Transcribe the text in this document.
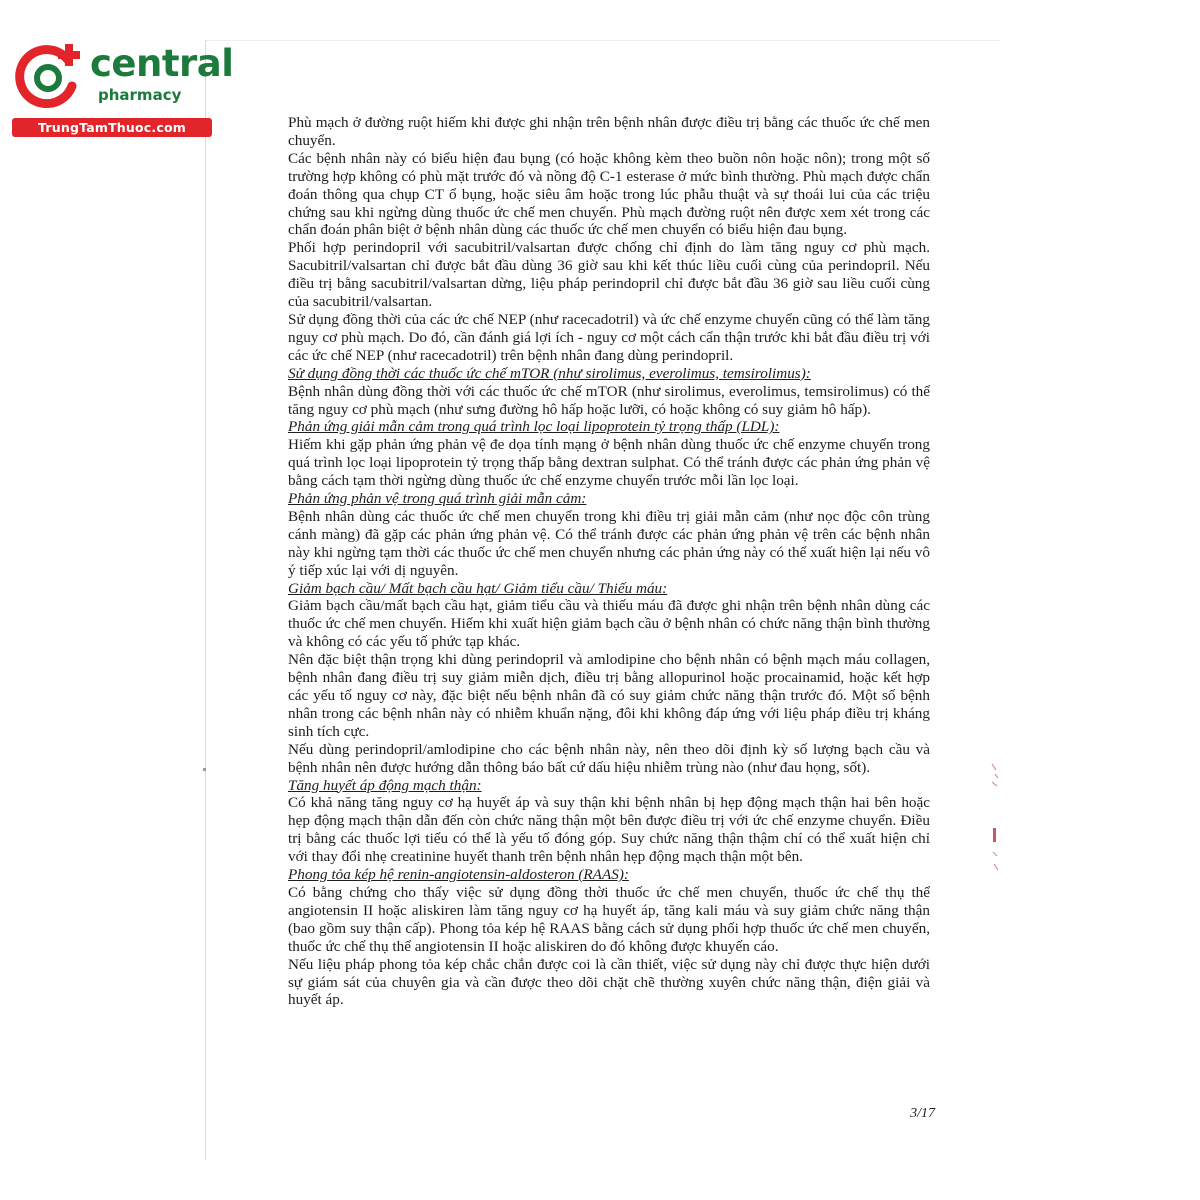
central
pharmacy
TrungTamThuoc.com	Phù mạch ở đường ruột hiếm khi được ghi nhận trên bệnh nhân được điều trị bằng các thuốc ức chế men chuyển.

Các bệnh nhân này có biểu hiện đau bụng (có hoặc không kèm theo buồn nôn hoặc nôn); trong một số trường hợp không có phù mặt trước đó và nồng độ C-1 esterase ở mức bình thường. Phù mạch được chẩn đoán thông qua chụp CT ổ bụng, hoặc siêu âm hoặc trong lúc phẫu thuật và sự thoái lui của các triệu chứng sau khi ngừng dùng thuốc ức chế men chuyển. Phù mạch đường ruột nên được xem xét trong các chẩn đoán phân biệt ở bệnh nhân dùng các thuốc ức chế men chuyển có biểu hiện đau bụng.

Phối hợp perindopril với sacubitril/valsartan được chống chỉ định do làm tăng nguy cơ phù mạch. Sacubitril/valsartan chỉ được bắt đầu dùng 36 giờ sau khi kết thúc liều cuối cùng của perindopril. Nếu điều trị bằng sacubitril/valsartan dừng, liệu pháp perindopril chỉ được bắt đầu 36 giờ sau liều cuối cùng của sacubitril/valsartan.

Sử dụng đồng thời của các ức chế NEP (như racecadotril) và ức chế enzyme chuyển cũng có thể làm tăng nguy cơ phù mạch. Do đó, cần đánh giá lợi ích - nguy cơ một cách cẩn thận trước khi bắt đầu điều trị với các ức chế NEP (như racecadotril) trên bệnh nhân đang dùng perindopril.

Sử dụng đồng thời các thuốc ức chế mTOR (như sirolimus, everolimus, temsirolimus):

Bệnh nhân dùng đồng thời với các thuốc ức chế mTOR (như sirolimus, everolimus, temsirolimus) có thể tăng nguy cơ phù mạch (như sưng đường hô hấp hoặc lưỡi, có hoặc không có suy giảm hô hấp).

Phản ứng giải mẫn cảm trong quá trình lọc loại lipoprotein tỷ trọng thấp (LDL):

Hiếm khi gặp phản ứng phản vệ đe dọa tính mạng ở bệnh nhân dùng thuốc ức chế enzyme chuyển trong quá trình lọc loại lipoprotein tỷ trọng thấp bằng dextran sulphat. Có thể tránh được các phản ứng phản vệ bằng cách tạm thời ngừng dùng thuốc ức chế enzyme chuyển trước mỗi lần lọc loại.

Phản ứng phản vệ trong quá trình giải mẫn cảm:

Bệnh nhân dùng các thuốc ức chế men chuyển trong khi điều trị giải mẫn cảm (như nọc độc côn trùng cánh màng) đã gặp các phản ứng phản vệ. Có thể tránh được các phản ứng phản vệ trên các bệnh nhân này khi ngừng tạm thời các thuốc ức chế men chuyển nhưng các phản ứng này có thể xuất hiện lại nếu vô ý tiếp xúc lại với dị nguyên.

Giảm bạch cầu/ Mất bạch cầu hạt/ Giảm tiểu cầu/ Thiếu máu:

Giảm bạch cầu/mất bạch cầu hạt, giảm tiểu cầu và thiếu máu đã được ghi nhận trên bệnh nhân dùng các thuốc ức chế men chuyển. Hiếm khi xuất hiện giảm bạch cầu ở bệnh nhân có chức năng thận bình thường và không có các yếu tố phức tạp khác.

Nên đặc biệt thận trọng khi dùng perindopril và amlodipine cho bệnh nhân có bệnh mạch máu collagen, bệnh nhân đang điều trị suy giảm miễn dịch, điều trị bằng allopurinol hoặc procainamid, hoặc kết hợp các yếu tố nguy cơ này, đặc biệt nếu bệnh nhân đã có suy giảm chức năng thận trước đó. Một số bệnh nhân trong các bệnh nhân này có nhiễm khuẩn nặng, đôi khi không đáp ứng với liệu pháp điều trị kháng sinh tích cực.

Nếu dùng perindopril/amlodipine cho các bệnh nhân này, nên theo dõi định kỳ số lượng bạch cầu và bệnh nhân nên được hướng dẫn thông báo bất cứ dấu hiệu nhiễm trùng nào (như đau họng, sốt).

Tăng huyết áp động mạch thận:

Có khả năng tăng nguy cơ hạ huyết áp và suy thận khi bệnh nhân bị hẹp động mạch thận hai bên hoặc hẹp động mạch thận dẫn đến còn chức năng thận một bên được điều trị với ức chế enzyme chuyển. Điều trị bằng các thuốc lợi tiểu có thể là yếu tố đóng góp. Suy chức năng thận thậm chí có thể xuất hiện chỉ với thay đổi nhẹ creatinine huyết thanh trên bệnh nhân hẹp động mạch thận một bên.

Phong tỏa kép hệ renin-angiotensin-aldosteron (RAAS):

Có bằng chứng cho thấy việc sử dụng đồng thời thuốc ức chế men chuyển, thuốc ức chế thụ thể angiotensin II hoặc aliskiren làm tăng nguy cơ hạ huyết áp, tăng kali máu và suy giảm chức năng thận (bao gồm suy thận cấp). Phong tỏa kép hệ RAAS bằng cách sử dụng phối hợp thuốc ức chế men chuyển, thuốc ức chế thụ thể angiotensin II hoặc aliskiren do đó không được khuyến cáo.

Nếu liệu pháp phong tỏa kép chắc chắn được coi là cần thiết, việc sử dụng này chỉ được thực hiện dưới sự giám sát của chuyên gia và cần được theo dõi chặt chẽ thường xuyên chức năng thận, điện giải và huyết áp.

3/17
